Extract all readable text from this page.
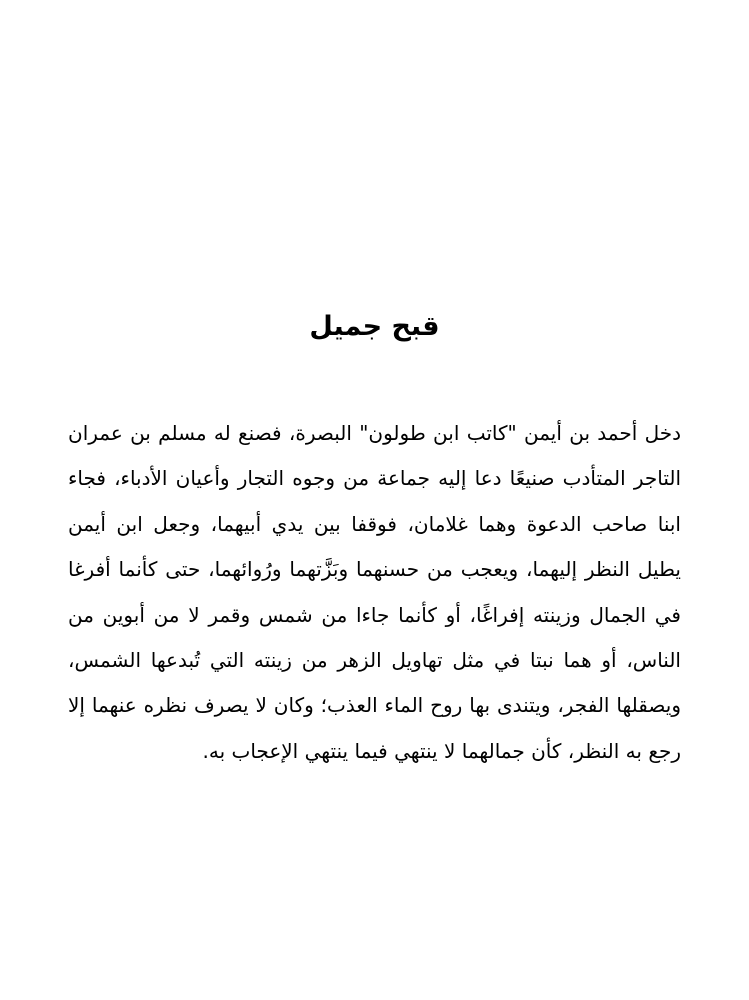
قبح جميل

دخل أحمد بن أيمن "كاتب ابن طولون" البصرة، فصنع له مسلم بن عمران التاجر المتأدب صنيعًا دعا إليه جماعة من وجوه التجار وأعيان الأدباء، فجاء ابنا صاحب الدعوة وهما غلامان، فوقفا بين يدي أبيهما، وجعل ابن أيمن يطيل النظر إليهما، ويعجب من حسنهما وبَزَّتهما ورُوائهما، حتى كأنما أفرغا في الجمال وزينته إفراغًا، أو كأنما جاءا من شمس وقمر لا من أبوين من الناس، أو هما نبتا في مثل تهاويل الزهر من زينته التي تُبدعها الشمس، ويصقلها الفجر، ويتندى بها روح الماء العذب؛ وكان لا يصرف نظره عنهما إلا رجع به النظر، كأن جمالهما لا ينتهي فيما ينتهي الإعجاب به.
